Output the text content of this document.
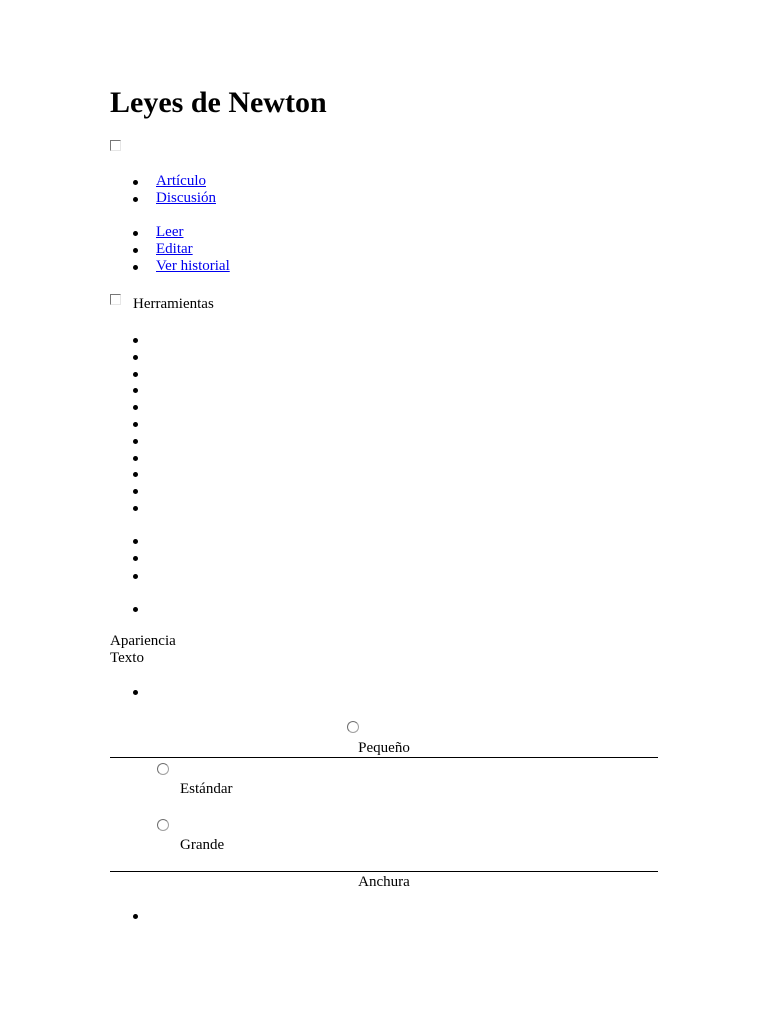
Leyes de Newton
Artículo
Discusión
Leer
Editar
Ver historial
Herramientas
Apariencia
Texto
Pequeño
Estándar
Grande
Anchura
